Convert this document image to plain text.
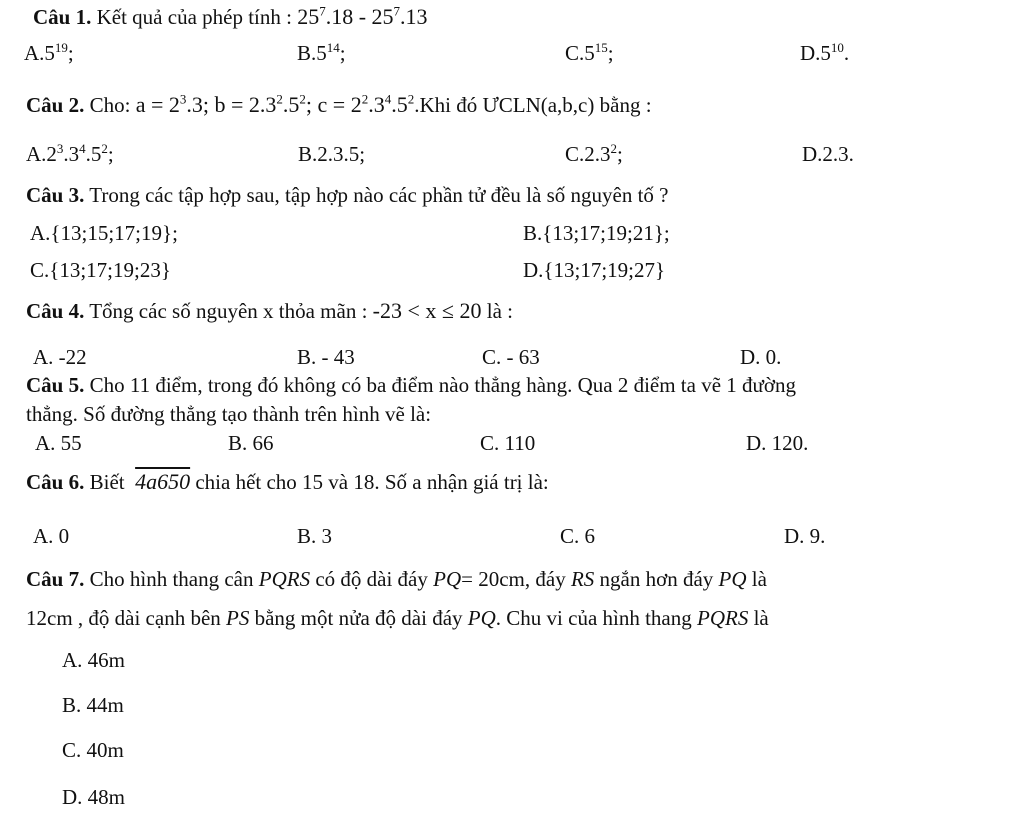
Câu 1. Kết quả của phép tính : $25^7.18 - 25^7.13$
$A.5^{19}$;	$B.5^{14}$;	$C.5^{15}$;	$D.5^{10}$.
Câu 2. Cho: $a = 2^3.3$; $b = 2.3^2.5^2$; $c = 2^2.3^4.5^2.Khi$ đó ƯCLN(a,b,c) bằng :
$A.2^3.3^4.5^2$;	B.2.3.5;	C.2.3$^2$;	D.2.3.
Câu 3. Trong các tập hợp sau, tập hợp nào các phần tử đều là số nguyên tố ?
A.{13;15;17;19};	B.{13;17;19;21};
C.{13;17;19;23}	D.{13;17;19;27}
Câu 4. Tổng các số nguyên x thỏa mãn : -23 < x ≤ 20 là :
A. -22	B. - 43	C. - 63	D. 0.
Câu 5. Cho 11 điểm, trong đó không có ba điểm nào thẳng hàng. Qua 2 điểm ta vẽ 1 đường
thẳng. Số đường thẳng tạo thành trên hình vẽ là:
A. 55	B. 66	C. 110	D. 120.
Câu 6. Biết 4a650 chia hết cho 15 và 18. Số a nhận giá trị là:
A. 0	B. 3	C. 6	D. 9.
Câu 7. Cho hình thang cân PQRS có độ dài đáy PQ= 20cm, đáy RS ngắn hơn đáy PQ là
12cm , độ dài cạnh bên PS bằng một nửa độ dài đáy PQ. Chu vi của hình thang PQRS là
A. 46m
B. 44m
C. 40m
D. 48m
